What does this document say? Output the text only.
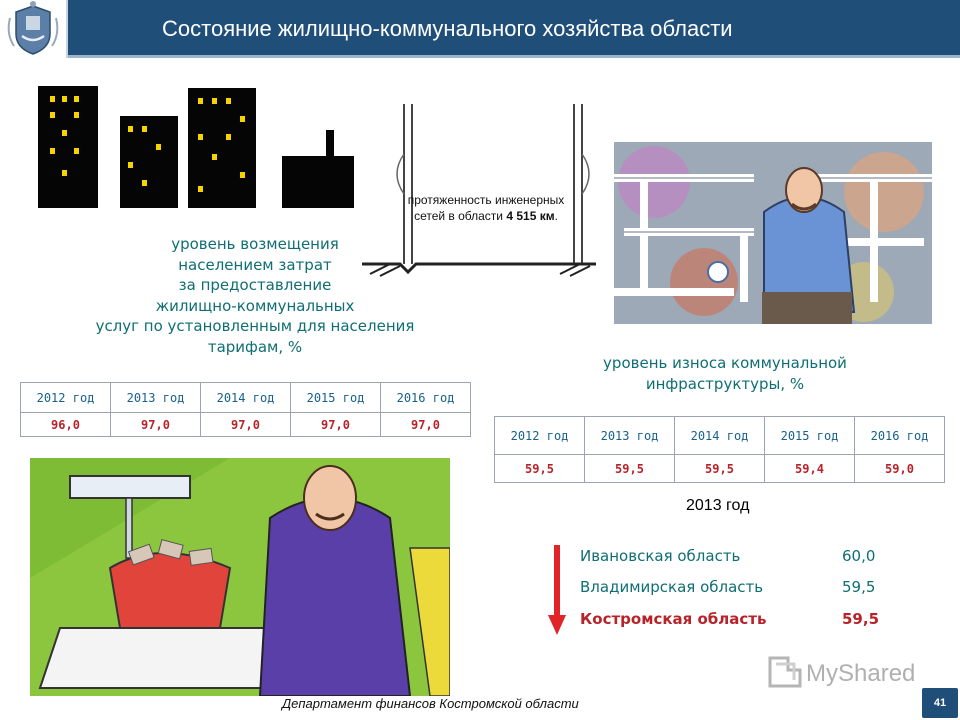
Состояние жилищно-коммунального хозяйства области
протяженность инженерных сетей в области 4 515 км.
уровень возмещения
населением затрат
за предоставление
жилищно-коммунальных
услуг по установленным для населения
тарифам, %
2012 год	2013 год	2014 год	2015 год	2016 год
96,0	97,0	97,0	97,0	97,0
уровень износа коммунальной
инфраструктуры, %
2012 год	2013 год	2014 год	2015 год	2016 год
59,5	59,5	59,5	59,4	59,0
2013 год
Ивановская область	60,0
Владимирская область	59,5
Костромская область	59,5
MyShared
Департамент финансов Костромской области	41
